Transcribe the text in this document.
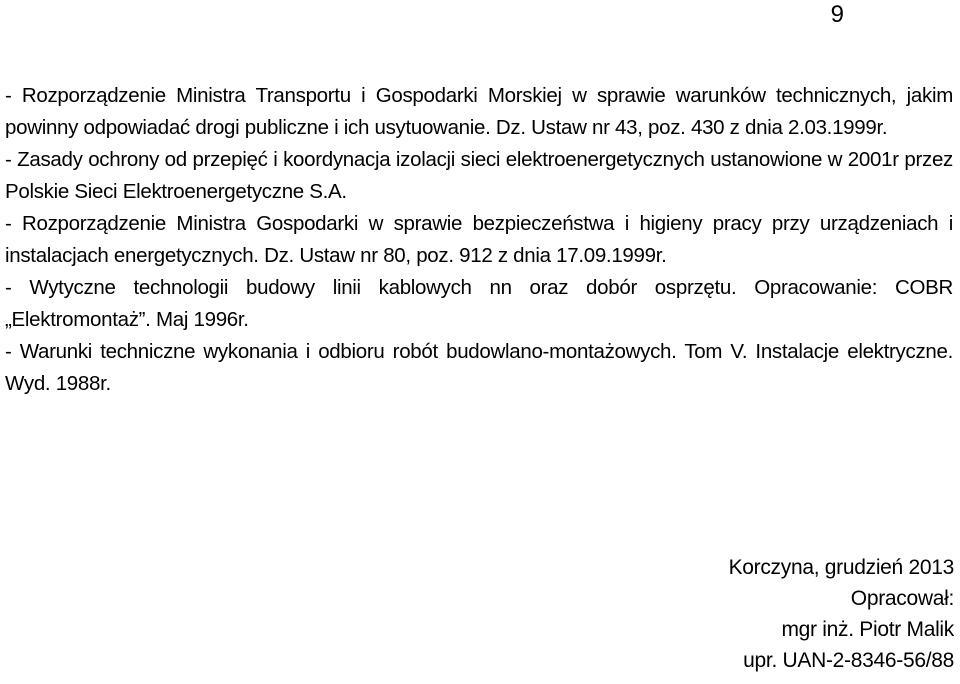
9

- Rozporządzenie Ministra Transportu i Gospodarki Morskiej w sprawie warunków technicznych, jakim powinny odpowiadać drogi publiczne i ich usytuowanie. Dz. Ustaw nr 43, poz. 430 z dnia 2.03.1999r.

- Zasady ochrony od przepięć i koordynacja izolacji sieci elektroenergetycznych ustanowione w 2001r przez Polskie Sieci Elektroenergetyczne S.A.

- Rozporządzenie Ministra Gospodarki w sprawie bezpieczeństwa i higieny pracy przy urządzeniach i instalacjach energetycznych. Dz. Ustaw nr 80, poz. 912 z dnia 17.09.1999r.

- Wytyczne technologii budowy linii kablowych nn oraz dobór osprzętu. Opracowanie: COBR „Elektromontaż”. Maj 1996r.

- Warunki techniczne wykonania i odbioru robót budowlano-montażowych. Tom V. Instalacje elektryczne. Wyd. 1988r.

Korczyna, grudzień 2013
Opracował:
mgr inż. Piotr Malik
upr. UAN-2-8346-56/88
